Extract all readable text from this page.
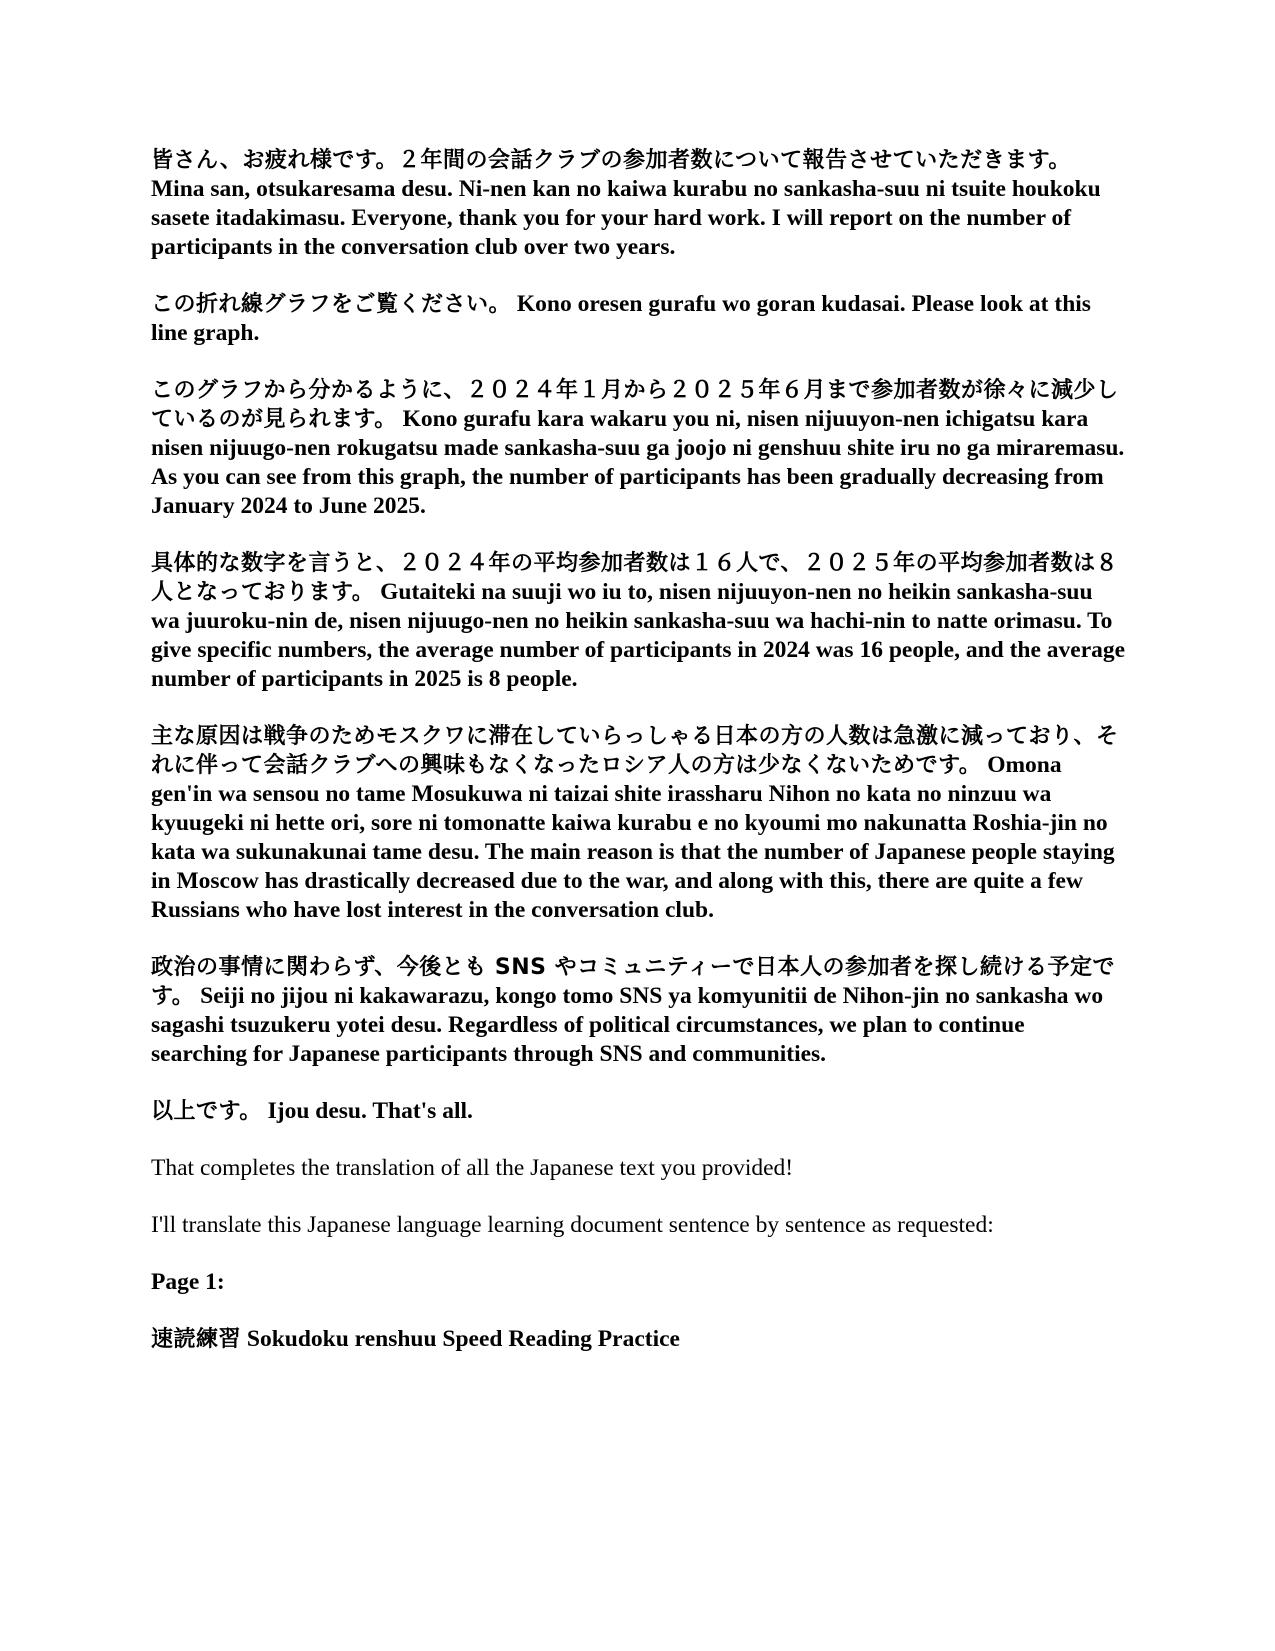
皆さん、お疲れ様です。２年間の会話クラブの参加者数について報告させていただきます。 Mina san, otsukaresama desu. Ni-nen kan no kaiwa kurabu no sankasha-suu ni tsuite houkoku sasete itadakimasu. Everyone, thank you for your hard work. I will report on the number of participants in the conversation club over two years.

この折れ線グラフをご覧ください。 Kono oresen gurafu wo goran kudasai. Please look at this line graph.

このグラフから分かるように、２０２４年１月から２０２５年６月まで参加者数が徐々に減少しているのが見られます。 Kono gurafu kara wakaru you ni, nisen nijuuyon-nen ichigatsu kara nisen nijuugo-nen rokugatsu made sankasha-suu ga joojo ni genshuu shite iru no ga miraremasu. As you can see from this graph, the number of participants has been gradually decreasing from January 2024 to June 2025.

具体的な数字を言うと、２０２４年の平均参加者数は１６人で、２０２５年の平均参加者数は８人となっております。 Gutaiteki na suuji wo iu to, nisen nijuuyon-nen no heikin sankasha-suu wa juuroku-nin de, nisen nijuugo-nen no heikin sankasha-suu wa hachi-nin to natte orimasu. To give specific numbers, the average number of participants in 2024 was 16 people, and the average number of participants in 2025 is 8 people.

主な原因は戦争のためモスクワに滞在していらっしゃる日本の方の人数は急激に減っており、それに伴って会話クラブへの興味もなくなったロシア人の方は少なくないためです。 Omona gen'in wa sensou no tame Mosukuwa ni taizai shite irassharu Nihon no kata no ninzuu wa kyuugeki ni hette ori, sore ni tomonatte kaiwa kurabu e no kyoumi mo nakunatta Roshia-jin no kata wa sukunakunai tame desu. The main reason is that the number of Japanese people staying in Moscow has drastically decreased due to the war, and along with this, there are quite a few Russians who have lost interest in the conversation club.

政治の事情に関わらず、今後とも SNS やコミュニティーで日本人の参加者を探し続ける予定です。 Seiji no jijou ni kakawarazu, kongo tomo SNS ya komyunitii de Nihon-jin no sankasha wo sagashi tsuzukeru yotei desu. Regardless of political circumstances, we plan to continue searching for Japanese participants through SNS and communities.

以上です。 Ijou desu. That's all.

That completes the translation of all the Japanese text you provided!

I'll translate this Japanese language learning document sentence by sentence as requested:

Page 1:

速読練習 Sokudoku renshuu Speed Reading Practice
